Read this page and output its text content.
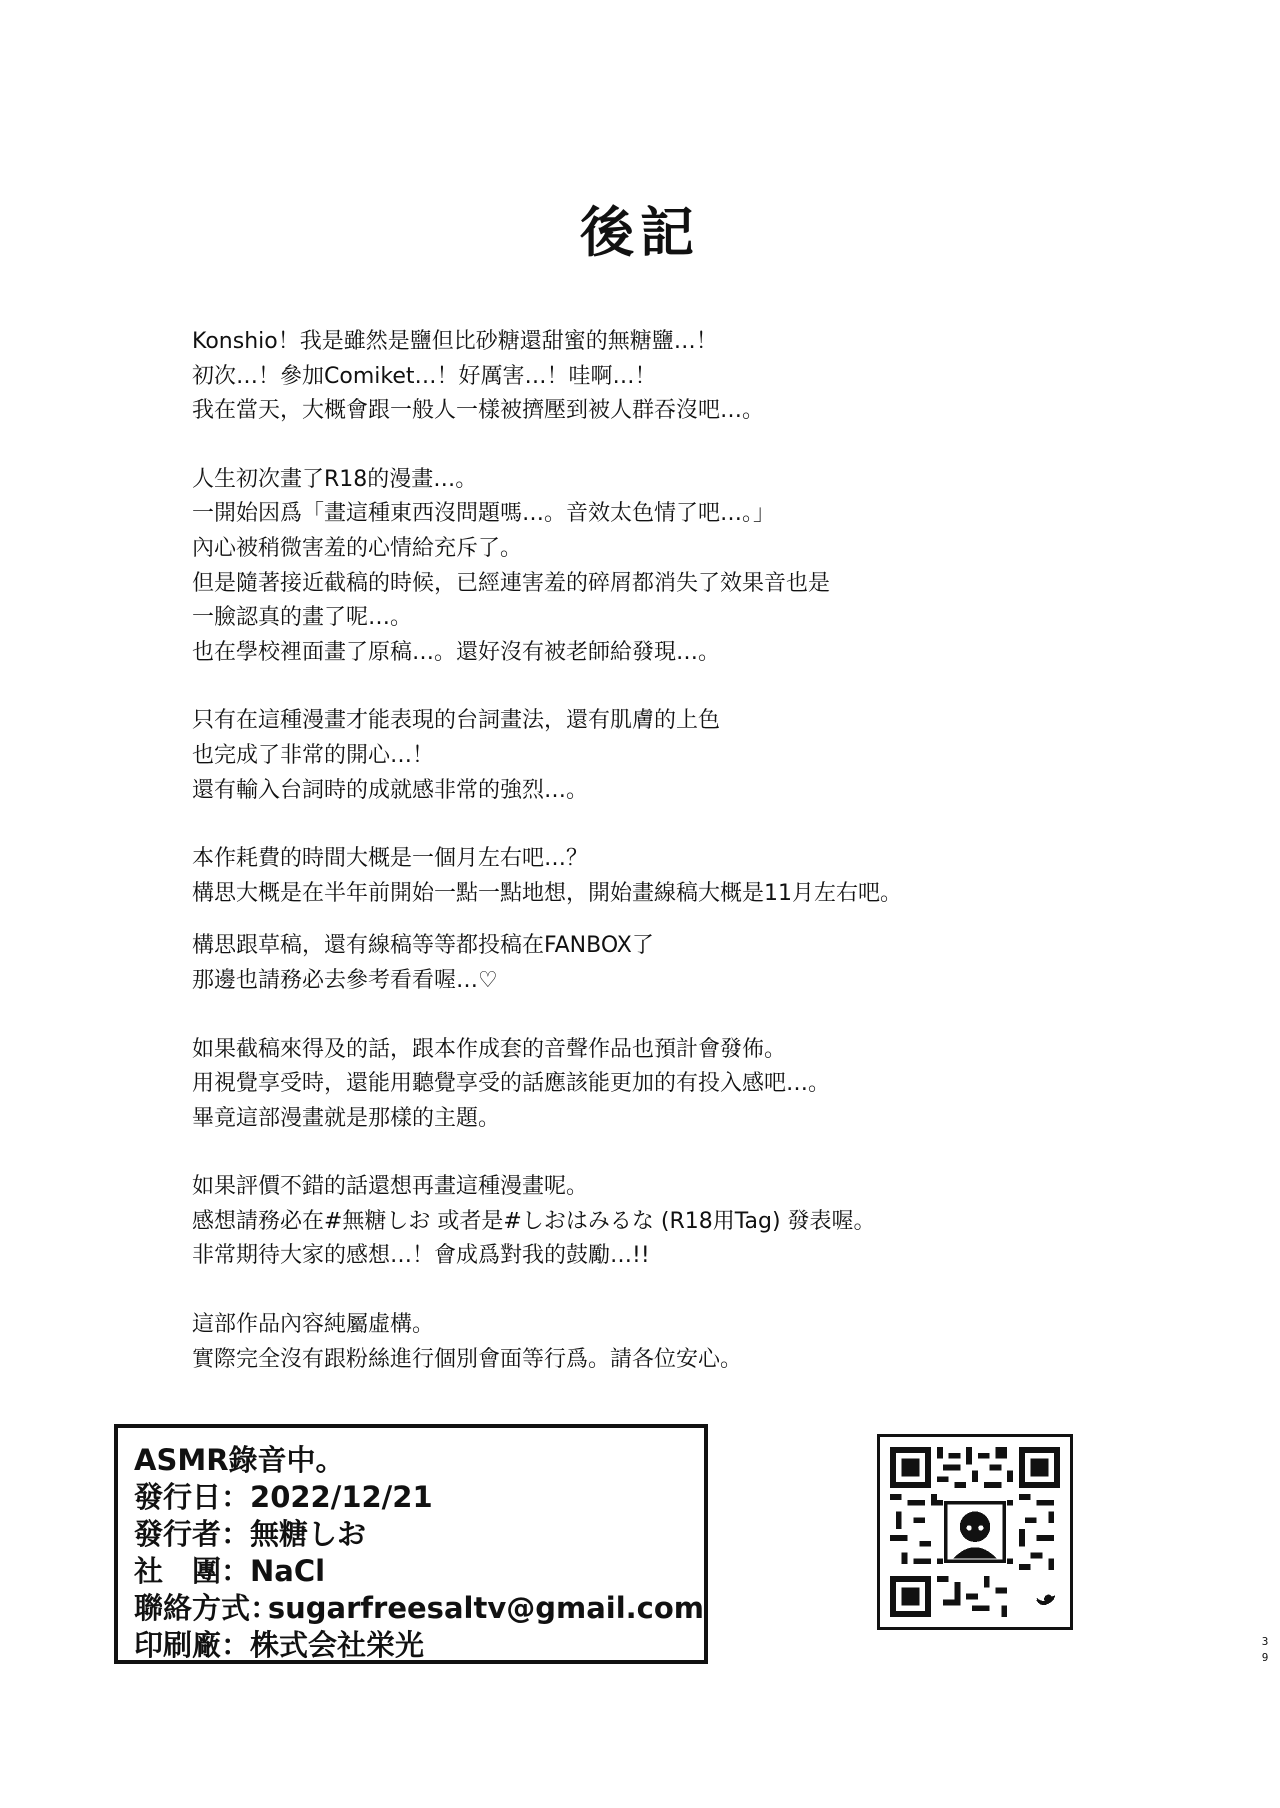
後記
Konshio！我是雖然是鹽但比砂糖還甜蜜的無糖鹽…！
初次…！參加Comiket…！好厲害…！哇啊…！
我在當天，大概會跟一般人一樣被擠壓到被人群吞沒吧…。
人生初次畫了R18的漫畫…。
一開始因爲「畫這種東西沒問題嗎…。音效太色情了吧…。」
內心被稍微害羞的心情給充斥了。
但是隨著接近截稿的時候，已經連害羞的碎屑都消失了效果音也是
一臉認真的畫了呢…。
也在學校裡面畫了原稿…。還好沒有被老師給發現…。
只有在這種漫畫才能表現的台詞畫法，還有肌膚的上色
也完成了非常的開心…！
還有輸入台詞時的成就感非常的強烈…。
本作耗費的時間大概是一個月左右吧…？
構思大概是在半年前開始一點一點地想，開始畫線稿大概是11月左右吧。
構思跟草稿，還有線稿等等都投稿在FANBOX了
那邊也請務必去參考看看喔…♡
如果截稿來得及的話，跟本作成套的音聲作品也預計會發佈。
用視覺享受時，還能用聽覺享受的話應該能更加的有投入感吧…。
畢竟這部漫畫就是那樣的主題。
如果評價不錯的話還想再畫這種漫畫呢。
感想請務必在#無糖しお 或者是#しおはみるな (R18用Tag) 發表喔。
非常期待大家的感想…！會成爲對我的鼓勵…!!
這部作品內容純屬虛構。
實際完全沒有跟粉絲進行個別會面等行爲。請各位安心。
ASMR錄音中。
發行日： 2022/12/21
發行者： 無糖しお
社　團： NaCl
聯絡方式：
sugarfreesaltv@gmail.com
印刷廠： 株式会社栄光	3
9
